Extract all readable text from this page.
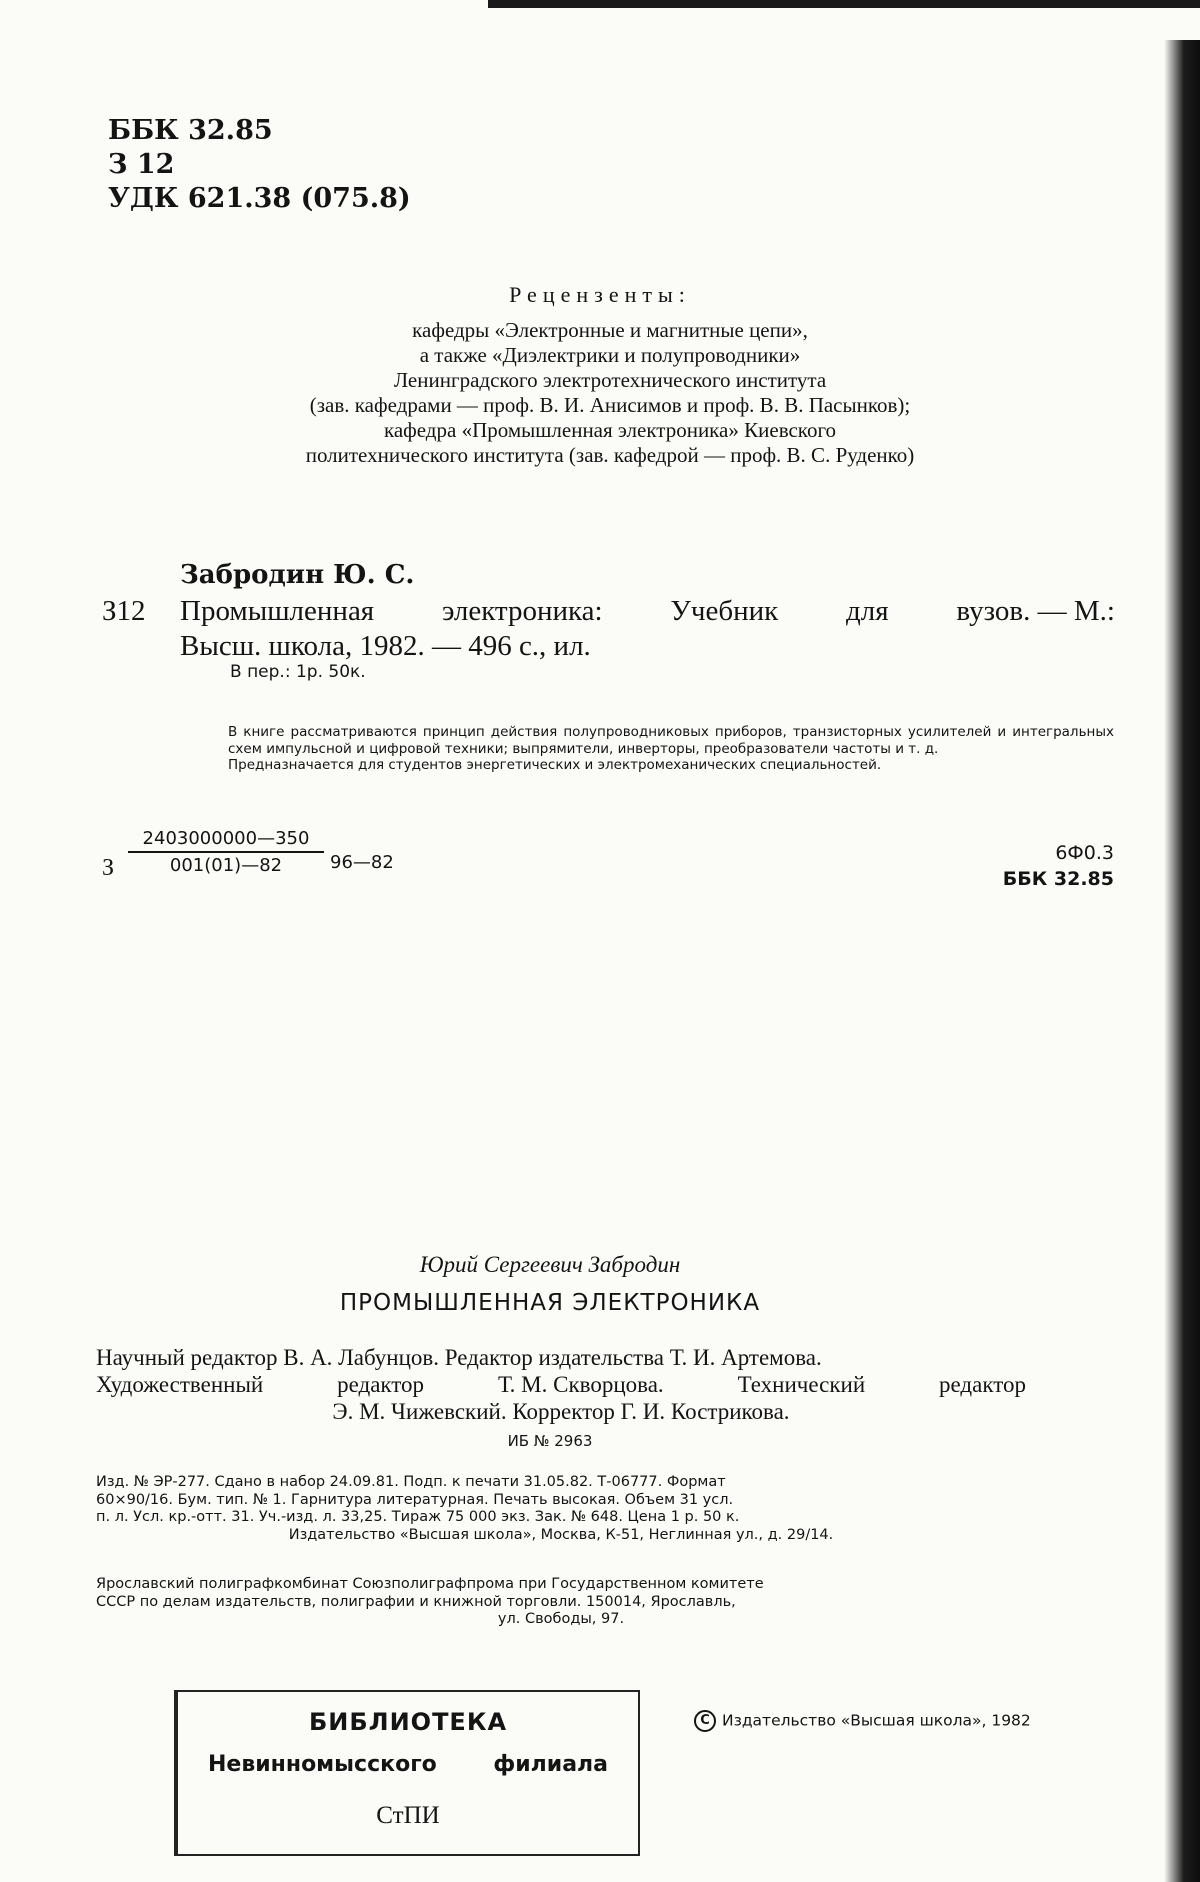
ББК 32.85
З 12
УДК 621.38 (075.8)
Рецензенты:
кафедры «Электронные и магнитные цепи»,
а также «Диэлектрики и полупроводники»
Ленинградского электротехнического института
(зав. кафедрами — проф. В. И. Анисимов и проф. В. В. Пасынков);
кафедра «Промышленная электроника» Киевского
политехнического института (зав. кафедрой — проф. В. С. Руденко)
Забродин Ю. С.
З12 Промышленная электроника: Учебник для вузов. — М.:
Высш. школа, 1982. — 496 с., ил.
В пер.: 1р. 50к.

В книге рассматриваются принцип действия полупроводниковых приборов, транзисторных усилителей и интегральных схем импульсной и цифровой техники; выпрямители, инверторы, преобразователи частоты и т. д.

Предназначается для студентов энергетических и электромеханических специальностей.

З $\frac{2403000000—350}{001(01)—82}$ 96—82	6Ф0.3
ББК 32.85
Юрий Сергеевич Забродин
ПРОМЫШЛЕННАЯ ЭЛЕКТРОНИКА
Научный редактор В. А. Лабунцов. Редактор издательства Т. И. Артемова.
Художественный	редактор	Т. М. Скворцова.	Технический	редактор
Э. М. Чижевский. Корректор Г. И. Кострикова.
ИБ № 2963
Изд. № ЭР-277. Сдано в набор 24.09.81. Подп. к печати 31.05.82. Т-06777. Формат
60×90/16. Бум. тип. № 1. Гарнитура литературная. Печать высокая. Объем 31 усл.
п. л. Усл. кр.-отт. 31. Уч.-изд. л. 33,25. Тираж 75 000 экз. Зак. № 648. Цена 1 р. 50 к.
Издательство «Высшая школа», Москва, К-51, Неглинная ул., д. 29/14.
Ярославский полиграфкомбинат Союзполиграфпрома при Государственном комитете
СССР по делам издательств, полиграфии и книжной торговли. 150014, Ярославль,
ул. Свободы, 97.
БИБЛИОТЕКА
Невинномысского	филиала
СтПИ
C Издательство «Высшая школа», 1982
